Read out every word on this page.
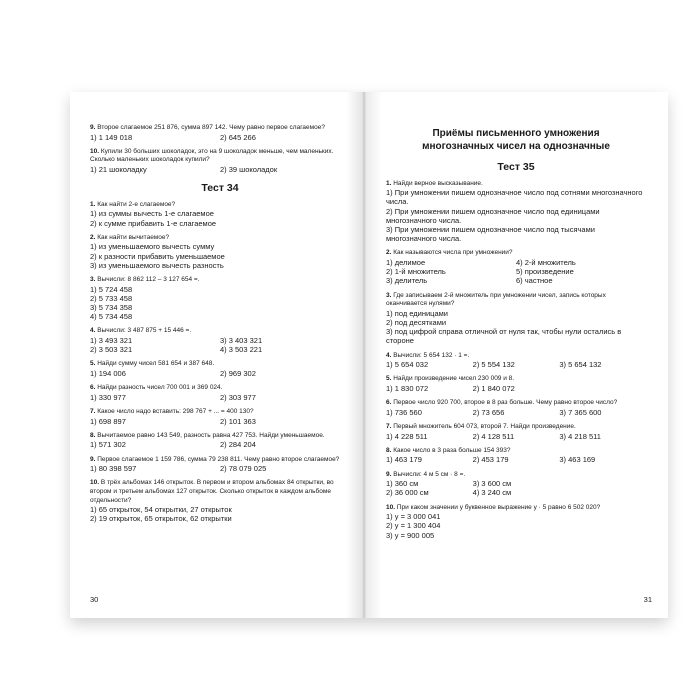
9. Второе слагаемое 251 876, сумма 897 142. Чему равно первое слагаемое?
1) 1 149 018	2) 645 266
10. Купили 30 больших шоколадок, это на 9 шоколадок меньше, чем маленьких. Сколько маленьких шоколадок купили?
1) 21 шоколадку	2) 39 шоколадок
Тест 34
1. Как найти 2-е слагаемое?
1) из суммы вычесть 1-е слагаемое
2) к сумме прибавить 1-е слагаемое
2. Как найти вычитаемое?
1) из уменьшаемого вычесть сумму
2) к разности прибавить уменьшаемое
3) из уменьшаемого вычесть разность
3. Вычисли: 8 862 112 – 3 127 654 =.
1) 5 724 458
2) 5 733 458
3) 5 734 358
4) 5 734 458
4. Вычисли: 3 487 875 + 15 446 =.
1) 3 493 321	3) 3 403 321
2) 3 503 321	4) 3 503 221
5. Найди сумму чисел 581 654 и 387 648.
1) 194 006	2) 969 302
6. Найди разность чисел 700 001 и 369 024.
1) 330 977	2) 303 977
7. Какое число надо вставить: 298 767 + ... = 400 130?
1) 698 897	2) 101 363
8. Вычитаемое равно 143 549, разность равна 427 753. Найди уменьшаемое.
1) 571 302	2) 284 204
9. Первое слагаемое 1 159 786, сумма 79 238 811. Чему равно второе слагаемое?
1) 80 398 597	2) 78 079 025
10. В трёх альбомах 146 открыток. В первом и втором альбомах 84 открытки, во втором и третьем альбомах 127 открыток. Сколько открыток в каждом альбоме отдельности?
1) 65 открыток, 54 открытки, 27 открыток
2) 19 открыток, 65 открыток, 62 открытки
30
Приёмы письменного умножения
многозначных чисел на однозначные
Тест 35
1. Найди верное высказывание.
1) При умножении пишем однозначное число под сотнями многозначного числа.
2) При умножении пишем однозначное число под единицами многозначного числа.
3) При умножении пишем однозначное число под тысячами многозначного числа.
2. Как называются числа при умножении?
1) делимое	4) 2-й множитель
2) 1-й множитель	5) произведение
3) делитель	6) частное
3. Где записываем 2-й множитель при умножении чисел, запись которых оканчивается нулями?
1) под единицами
2) под десятками
3) под цифрой справа отличной от нуля так, чтобы нули остались в стороне
4. Вычисли: 5 654 132 · 1 =.
1) 5 654 032	2) 5 554 132	3) 5 654 132
5. Найди произведение чисел 230 009 и 8.
1) 1 830 072	2) 1 840 072
6. Первое число 920 700, второе в 8 раз больше. Чему равно второе число?
1) 736 560	2) 73 656	3) 7 365 600
7. Первый множитель 604 073, второй 7. Найди произведение.
1) 4 228 511	2) 4 128 511	3) 4 218 511
8. Какое число в 3 раза больше 154 393?
1) 463 179	2) 453 179	3) 463 169
9. Вычисли: 4 м 5 см · 8 =.
1) 360 см	3) 3 600 см
2) 36 000 см	4) 3 240 см
10. При каком значении у буквенное выражение у · 5 равно 6 502 020?
1) у = 3 000 041
2) у = 1 300 404
3) у = 900 005
31
